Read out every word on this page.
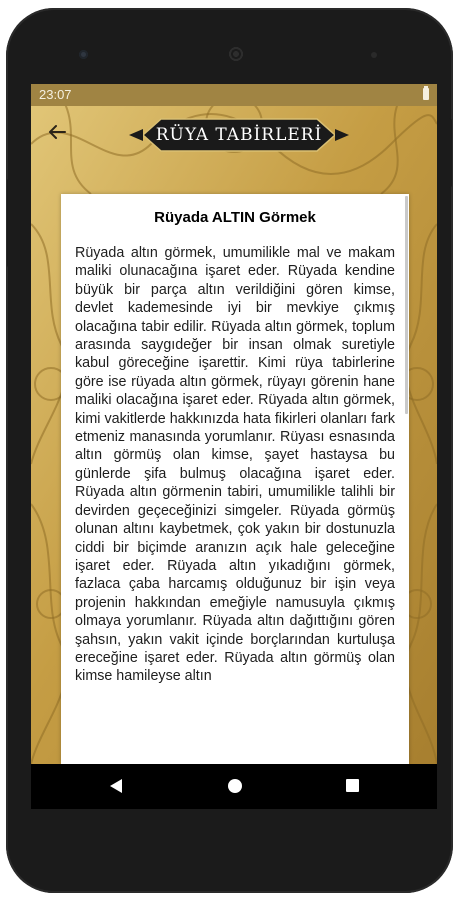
23:07
RÜYA TABİRLERİ
Rüyada ALTIN Görmek

Rüyada altın görmek, umumilikle mal ve makam maliki olunacağına işaret eder. Rüyada kendine büyük bir parça altın verildiğini gören kimse, devlet kademesinde iyi bir mevkiye çıkmış olacağına tabir edilir. Rüyada altın görmek, toplum arasında saygıdeğer bir insan olmak suretiyle kabul göreceğine işarettir. Kimi rüya tabirlerine göre ise rüyada altın görmek, rüyayı görenin hane maliki olacağına işaret eder. Rüyada altın görmek, kimi vakitlerde hakkınızda hata fikirleri olanları fark etmeniz manasında yorumlanır. Rüyası esnasında altın görmüş olan kimse, şayet hastaysa bu günlerde şifa bulmuş olacağına işaret eder. Rüyada altın görmenin tabiri, umumilikle talihli bir devirden geçeceğinizi simgeler. Rüyada görmüş olunan altını kaybetmek, çok yakın bir dostunuzla ciddi bir biçimde aranızın açık hale geleceğine işaret eder. Rüyada altın yıkadığını görmek, fazlaca çaba harcamış olduğunuz bir işin veya projenin hakkından emeğiyle namusuyla çıkmış olmaya yorumlanır. Rüyada altın dağıttığını gören şahsın, yakın vakit içinde borçlarından kurtuluşa ereceğine işaret eder. Rüyada altın görmüş olan kimse hamileyse altın
